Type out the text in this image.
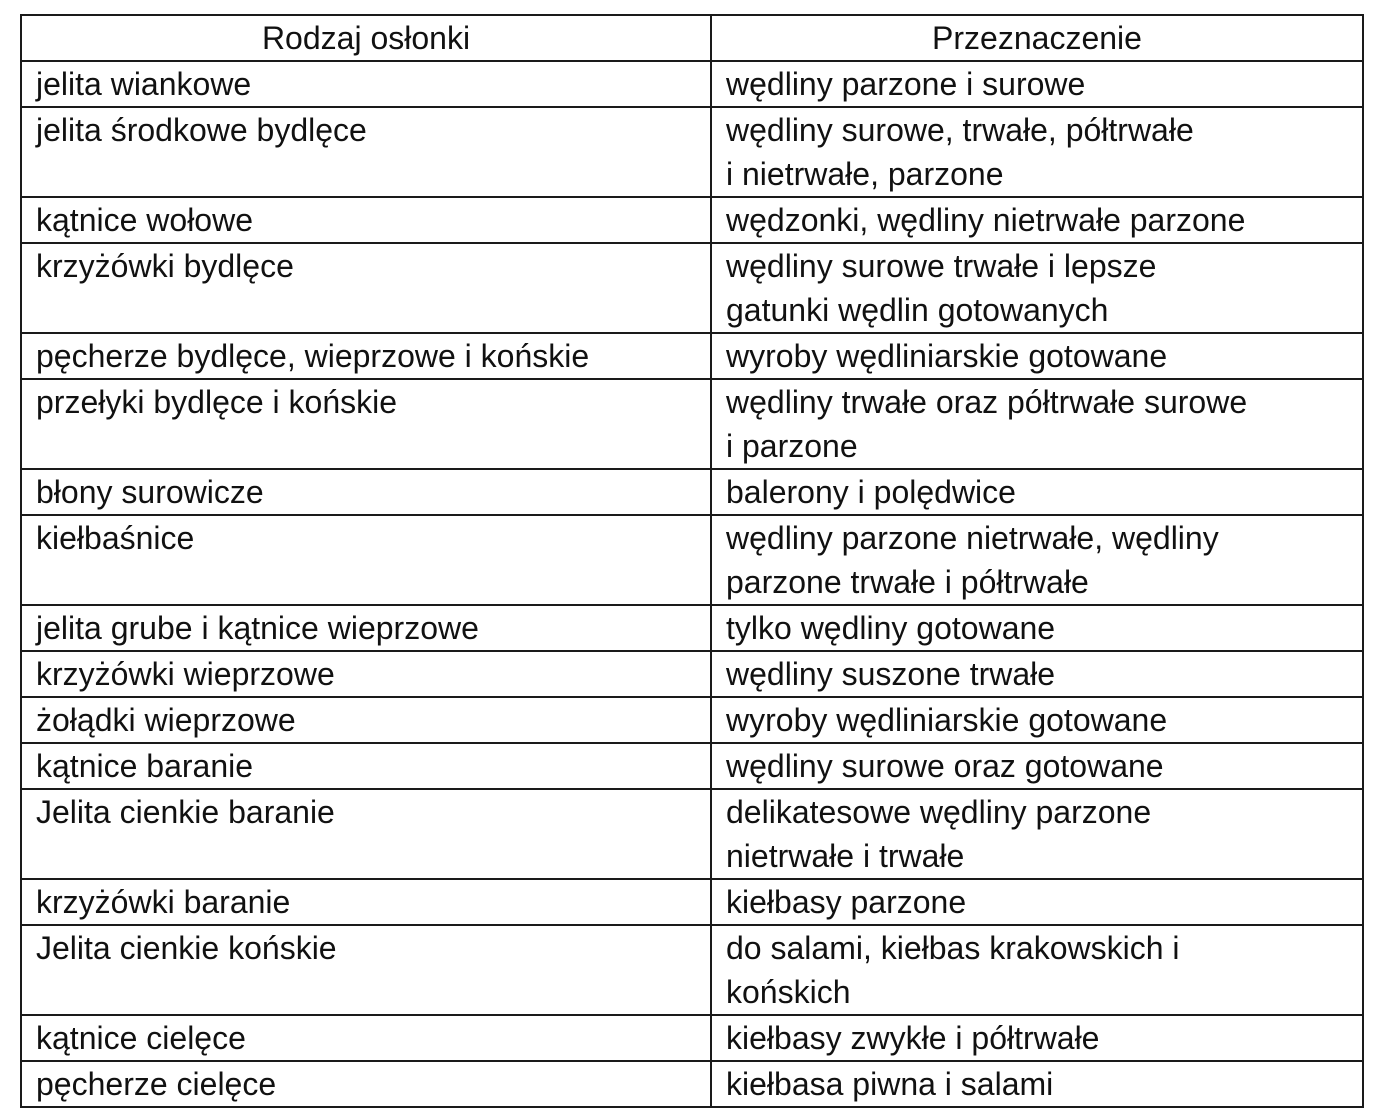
Rodzaj osłonki	Przeznaczenie
jelita wiankowe	wędliny parzone i surowe

jelita środkowe bydlęce	wędliny surowe, trwałe, półtrwałe
i nietrwałe, parzone

kątnice wołowe	wędzonki, wędliny nietrwałe parzone

krzyżówki bydlęce	wędliny surowe trwałe i lepsze
gatunki wędlin gotowanych

pęcherze bydlęce, wieprzowe i końskie	wyroby wędliniarskie gotowane

przełyki bydlęce i końskie	wędliny trwałe oraz półtrwałe surowe
i parzone

błony surowicze	balerony i polędwice

kiełbaśnice	wędliny parzone nietrwałe, wędliny
parzone trwałe i półtrwałe

jelita grube i kątnice wieprzowe	tylko wędliny gotowane

krzyżówki wieprzowe	wędliny suszone trwałe

żołądki wieprzowe	wyroby wędliniarskie gotowane

kątnice baranie	wędliny surowe oraz gotowane

Jelita cienkie baranie	delikatesowe wędliny parzone
nietrwałe i trwałe

krzyżówki baranie	kiełbasy parzone

Jelita cienkie końskie	do salami, kiełbas krakowskich i
końskich

kątnice cielęce	kiełbasy zwykłe i półtrwałe

pęcherze cielęce	kiełbasa piwna i salami
